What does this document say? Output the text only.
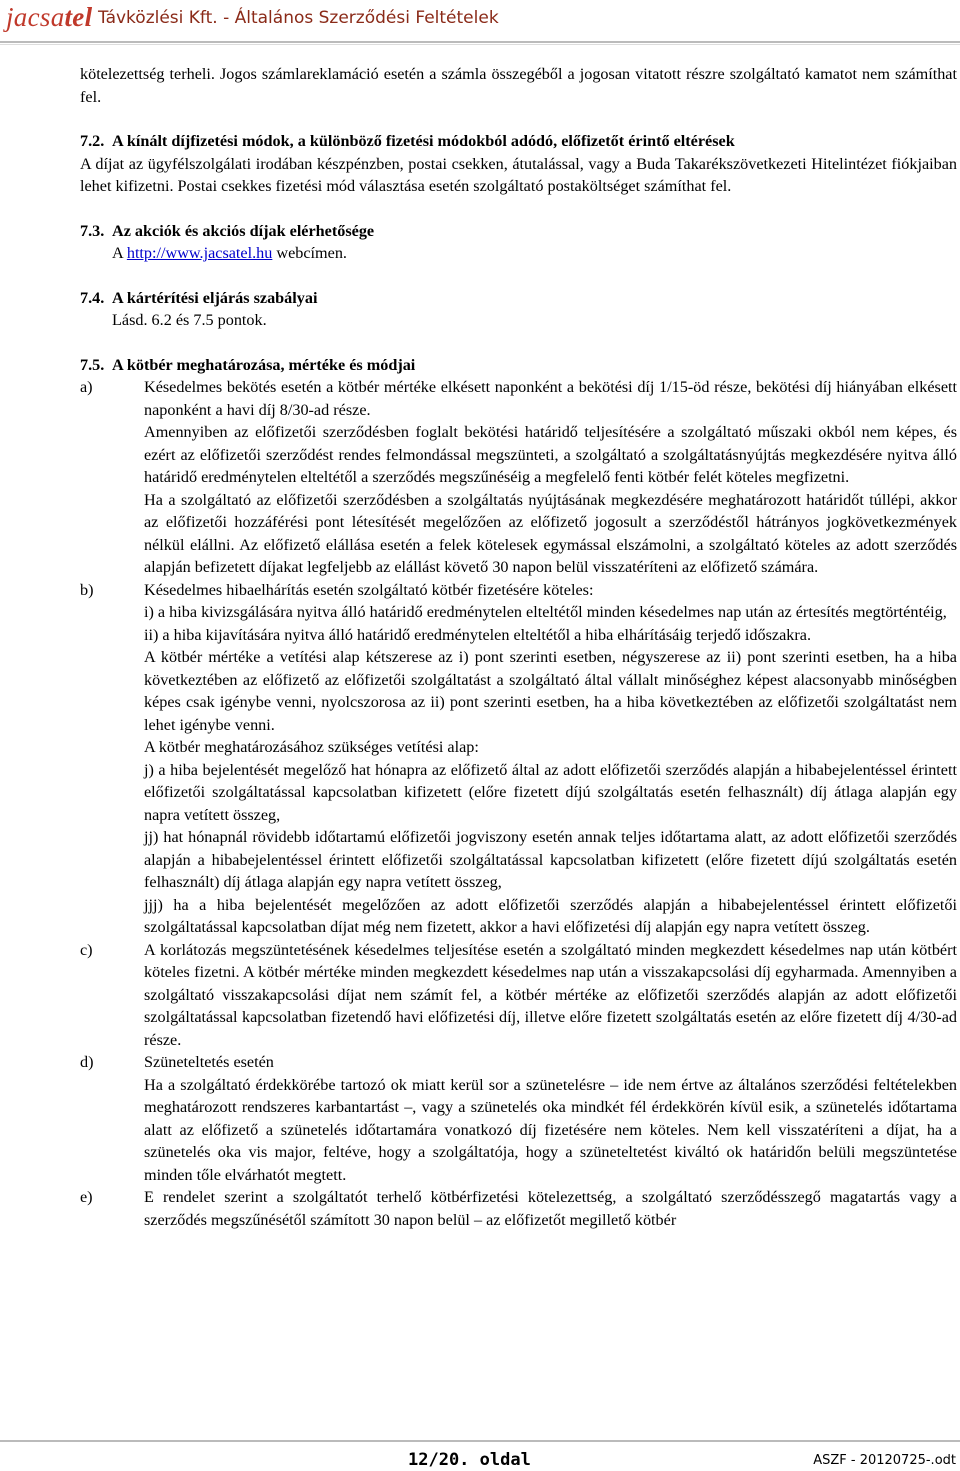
jacsatel Távközlési Kft. - Általános Szerződési Feltételek

kötelezettség terheli. Jogos számlareklamáció esetén a számla összegéből a jogosan vitatott részre szolgáltató kamatot nem számíthat fel.

7.2. A kínált díjfizetési módok, a különböző fizetési módokból adódó, előfizetőt érintő eltérések

A díjat az ügyfélszolgálati irodában készpénzben, postai csekken, átutalással, vagy a Buda Takarékszövetkezeti Hitelintézet fiókjaiban lehet kifizetni. Postai csekkes fizetési mód választása esetén szolgáltató postaköltséget számíthat fel.

7.3. Az akciók és akciós díjak elérhetősége

A http://www.jacsatel.hu webcímen.

7.4. A kártérítési eljárás szabályai

Lásd. 6.2 és 7.5 pontok.

7.5. A kötbér meghatározása, mértéke és módjai
a)	Késedelmes bekötés esetén a kötbér mértéke elkésett naponként a bekötési díj 1/15-öd része, bekötési díj hiányában elkésett naponként a havi díj 8/30-ad része.

Amennyiben az előfizetői szerződésben foglalt bekötési határidő teljesítésére a szolgáltató műszaki okból nem képes, és ezért az előfizetői szerződést rendes felmondással megszünteti, a szolgáltató a szolgáltatásnyújtás megkezdésére nyitva álló határidő eredménytelen elteltétől a szerződés megszűnéséig a megfelelő fenti kötbér felét köteles megfizetni.

Ha a szolgáltató az előfizetői szerződésben a szolgáltatás nyújtásának megkezdésére meghatározott határidőt túllépi, akkor az előfizetői hozzáférési pont létesítését megelőzően az előfizető jogosult a szerződéstől hátrányos jogkövetkezmények nélkül elállni. Az előfizető elállása esetén a felek kötelesek egymással elszámolni, a szolgáltató köteles az adott szerződés alapján befizetett díjakat legfeljebb az elállást követő 30 napon belül visszatéríteni az előfizető számára.

b)	Késedelmes hibaelhárítás esetén szolgáltató kötbér fizetésére köteles:

i) a hiba kivizsgálására nyitva álló határidő eredménytelen elteltétől minden késedelmes nap után az értesítés megtörténtéig,

ii) a hiba kijavítására nyitva álló határidő eredménytelen elteltétől a hiba elhárításáig terjedő időszakra.

A kötbér mértéke a vetítési alap kétszerese az i) pont szerinti esetben, négyszerese az ii) pont szerinti esetben, ha a hiba következtében az előfizető az előfizetői szolgáltatást a szolgáltató által vállalt minőséghez képest alacsonyabb minőségben képes csak igénybe venni, nyolcszorosa az ii) pont szerinti esetben, ha a hiba következtében az előfizetői szolgáltatást nem lehet igénybe venni.

A kötbér meghatározásához szükséges vetítési alap:

j) a hiba bejelentését megelőző hat hónapra az előfizető által az adott előfizetői szerződés alapján a hibabejelentéssel érintett előfizetői szolgáltatással kapcsolatban kifizetett (előre fizetett díjú szolgáltatás esetén felhasznált) díj átlaga alapján egy napra vetített összeg,

jj) hat hónapnál rövidebb időtartamú előfizetői jogviszony esetén annak teljes időtartama alatt, az adott előfizetői szerződés alapján a hibabejelentéssel érintett előfizetői szolgáltatással kapcsolatban kifizetett (előre fizetett díjú szolgáltatás esetén felhasznált) díj átlaga alapján egy napra vetített összeg,

jjj) ha a hiba bejelentését megelőzően az adott előfizetői szerződés alapján a hibabejelentéssel érintett előfizetői szolgáltatással kapcsolatban díjat még nem fizetett, akkor a havi előfizetési díj alapján egy napra vetített összeg.

c)	A korlátozás megszüntetésének késedelmes teljesítése esetén a szolgáltató minden megkezdett késedelmes nap után kötbért köteles fizetni. A kötbér mértéke minden megkezdett késedelmes nap után a visszakapcsolási díj egyharmada. Amennyiben a szolgáltató visszakapcsolási díjat nem számít fel, a kötbér mértéke az előfizetői szerződés alapján az adott előfizetői szolgáltatással kapcsolatban fizetendő havi előfizetési díj, illetve előre fizetett szolgáltatás esetén az előre fizetett díj 4/30-ad része.

d)	Szüneteltetés esetén

Ha a szolgáltató érdekkörébe tartozó ok miatt kerül sor a szünetelésre – ide nem értve az általános szerződési feltételekben meghatározott rendszeres karbantartást –, vagy a szünetelés oka mindkét fél érdekkörén kívül esik, a szünetelés időtartama alatt az előfizető a szünetelés időtartamára vonatkozó díj fizetésére nem köteles. Nem kell visszatéríteni a díjat, ha a szünetelés oka vis major, feltéve, hogy a szolgáltatója, hogy a szüneteltetést kiváltó ok határidőn belüli megszüntetése minden tőle elvárhatót megtett.

e)	E rendelet szerint a szolgáltatót terhelő kötbérfizetési kötelezettség, a szolgáltató szerződésszegő magatartás vagy a szerződés megszűnésétől számított 30 napon belül – az előfizetőt megillető kötbér

12/20. oldal	ASZF - 20120725-.odt
